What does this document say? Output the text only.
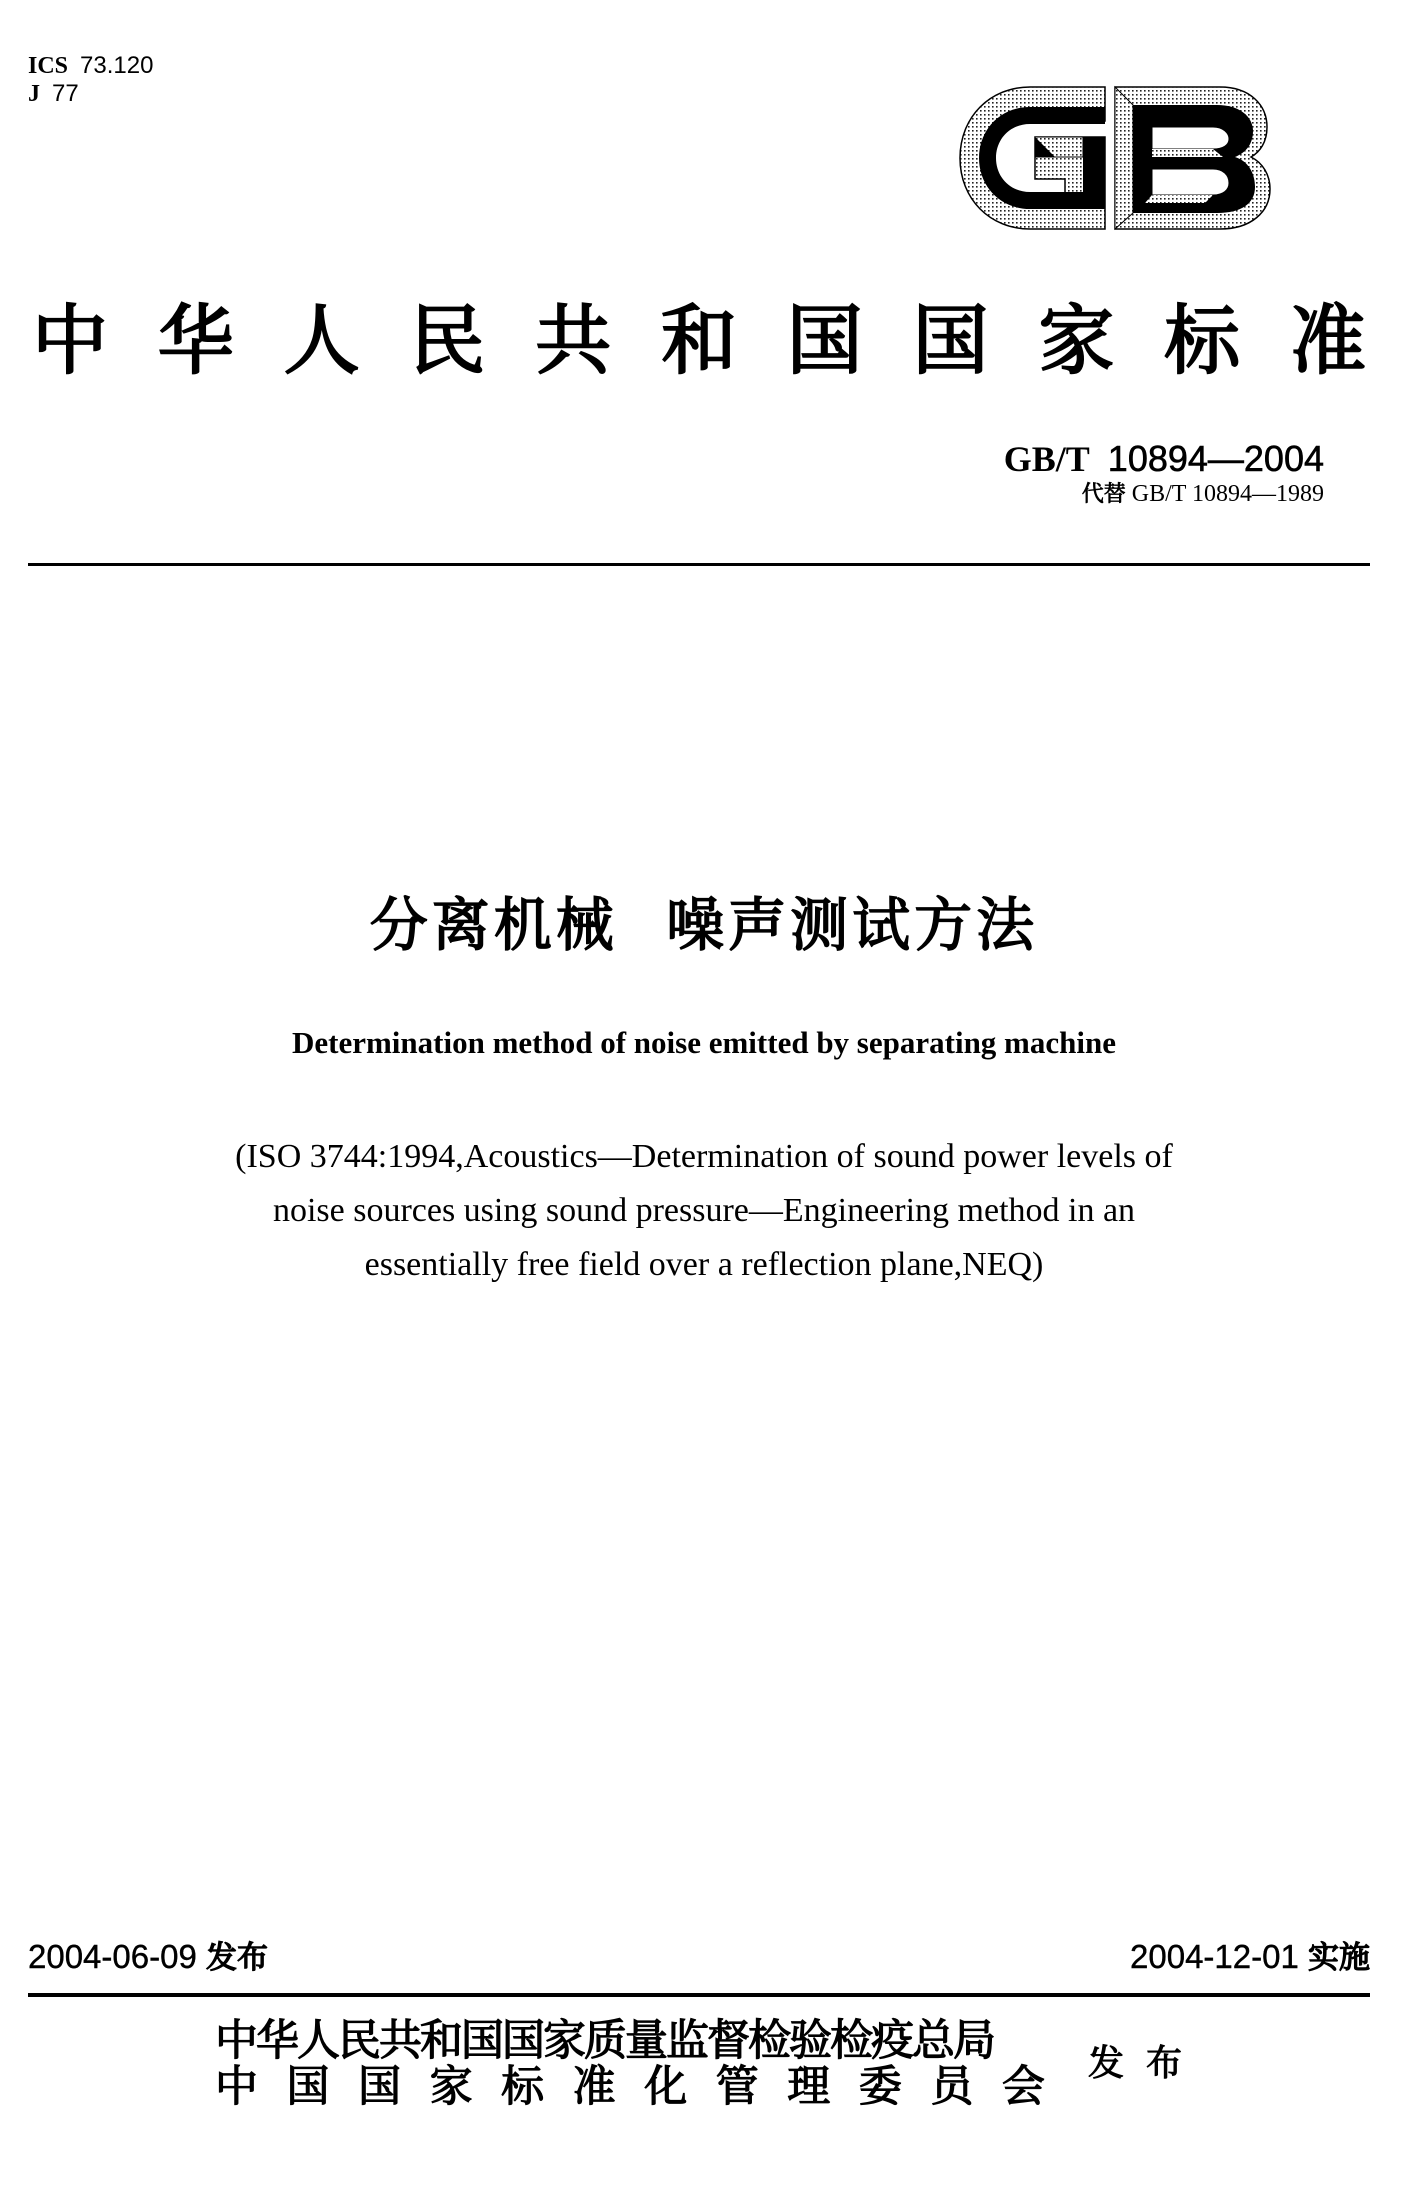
ICS 73.120
J 77
中 华 人 民 共 和 国 国 家 标 准
GB/T 10894—2004
代替 GB/T 10894—1989
分离机械  噪声测试方法
Determination method of noise emitted by separating machine
(ISO 3744:1994,Acoustics—Determination of sound power levels of
noise sources using sound pressure—Engineering method in an
essentially free field over a reflection plane,NEQ)
2004-06-09 发布	2004-12-01 实施
中华人民共和国国家质量监督检验检疫总局
中 国 国 家 标 准 化 管 理 委 员 会 发布
